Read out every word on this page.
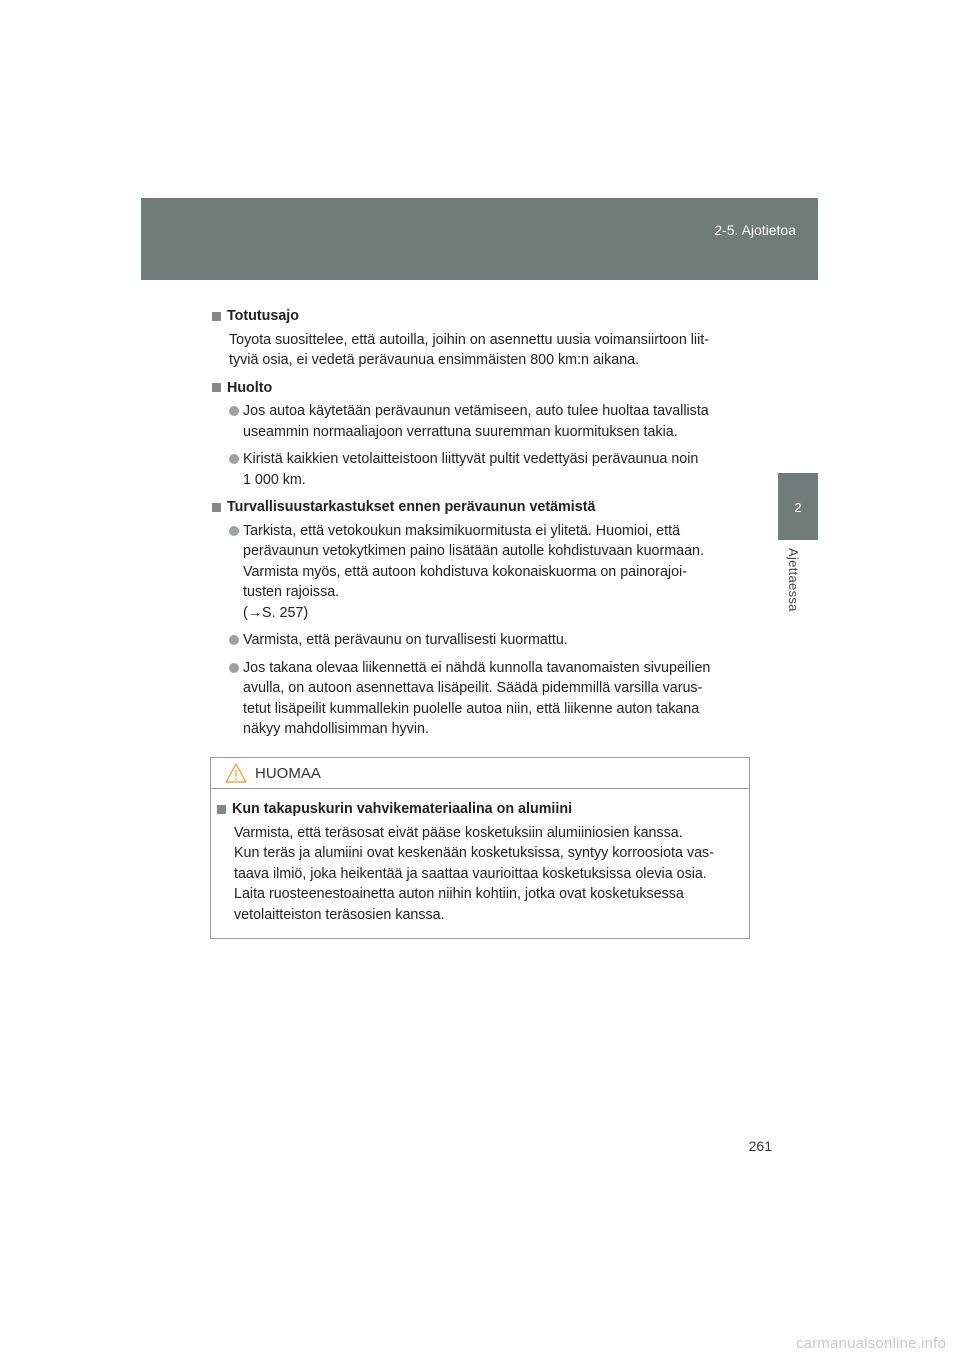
2-5. Ajotietoa
2
Ajettaessa
Totutusajo
Toyota suosittelee, että autoilla, joihin on asennettu uusia voimansiirtoon liit-
tyviä osia, ei vedetä perävaunua ensimmäisten 800 km:n aikana.
Huolto
Jos autoa käytetään perävaunun vetämiseen, auto tulee huoltaa tavallista
useammin normaaliajoon verrattuna suuremman kuormituksen takia.
Kiristä kaikkien vetolaitteistoon liittyvät pultit vedettyäsi perävaunua noin
1 000 km.
Turvallisuustarkastukset ennen perävaunun vetämistä
Tarkista, että vetokoukun maksimikuormitusta ei ylitetä. Huomioi, että
perävaunun vetokytkimen paino lisätään autolle kohdistuvaan kuormaan.
Varmista myös, että autoon kohdistuva kokonaiskuorma on painorajoi-
tusten rajoissa.
(→S. 257)
Varmista, että perävaunu on turvallisesti kuormattu.
Jos takana olevaa liikennettä ei nähdä kunnolla tavanomaisten sivupeilien
avulla, on autoon asennettava lisäpeilit. Säädä pidemmillä varsilla varus-
tetut lisäpeilit kummallekin puolelle autoa niin, että liikenne auton takana
näkyy mahdollisimman hyvin.
HUOMAA
Kun takapuskurin vahvikemateriaalina on alumiini
Varmista, että teräsosat eivät pääse kosketuksiin alumiiniosien kanssa.
Kun teräs ja alumiini ovat keskenään kosketuksissa, syntyy korroosiota vas-
taava ilmiö, joka heikentää ja saattaa vaurioittaa kosketuksissa olevia osia.
Laita ruosteenestoainetta auton niihin kohtiin, jotka ovat kosketuksessa
vetolaitteiston teräsosien kanssa.
261
carmanualsonline.info
